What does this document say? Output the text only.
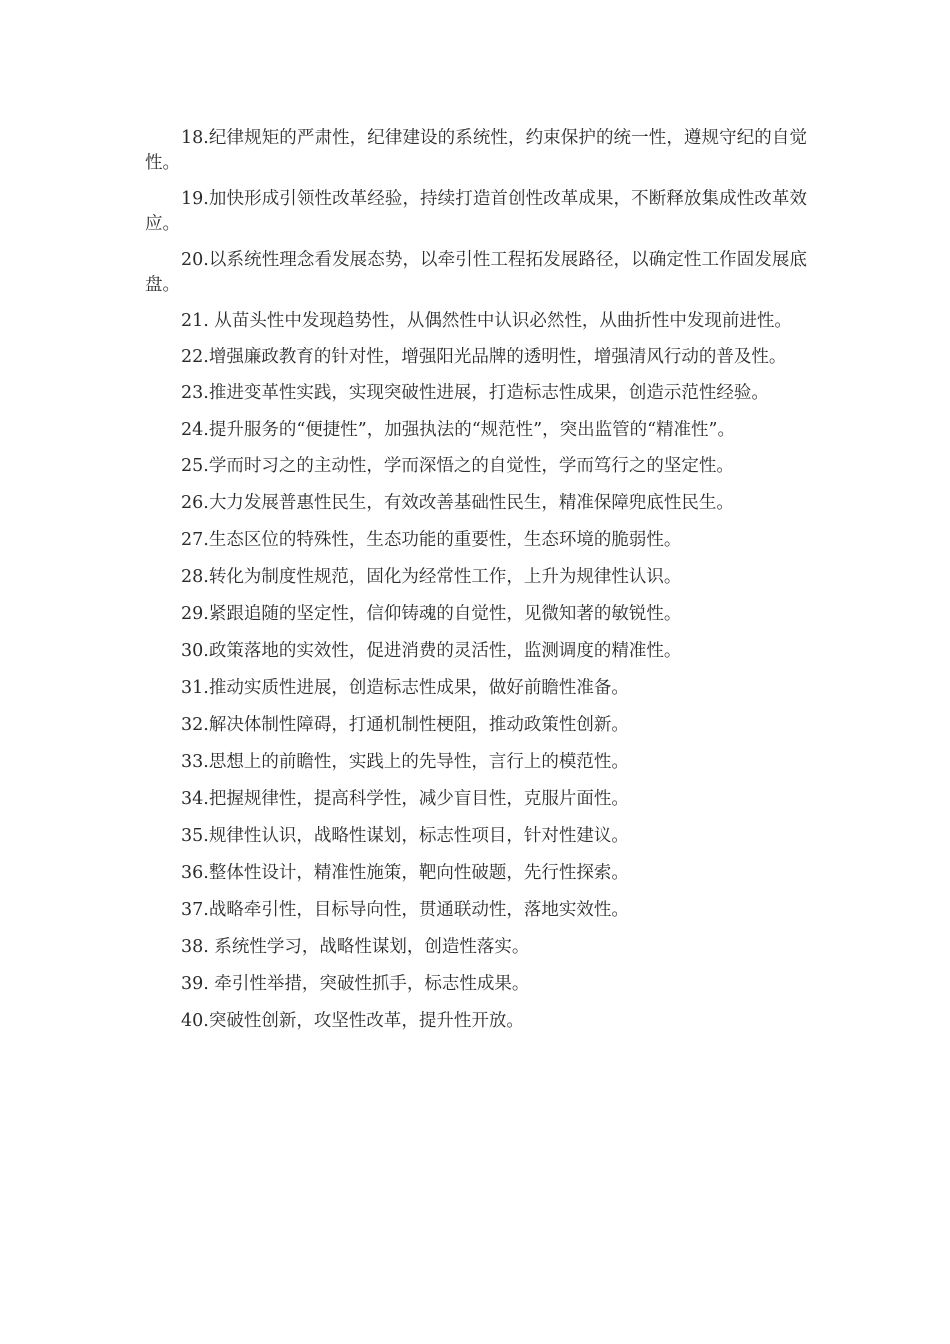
18.纪律规矩的严肃性，纪律建设的系统性，约束保护的统一性，遵规守纪的自觉性。

19.加快形成引领性改革经验，持续打造首创性改革成果，不断释放集成性改革效应。

20.以系统性理念看发展态势，以牵引性工程拓发展路径，以确定性工作固发展底盘。

21. 从苗头性中发现趋势性，从偶然性中认识必然性，从曲折性中发现前进性。

22.增强廉政教育的针对性，增强阳光品牌的透明性，增强清风行动的普及性。

23.推进变革性实践，实现突破性进展，打造标志性成果，创造示范性经验。

24.提升服务的“便捷性”，加强执法的“规范性”，突出监管的“精准性”。

25.学而时习之的主动性，学而深悟之的自觉性，学而笃行之的坚定性。

26.大力发展普惠性民生，有效改善基础性民生，精准保障兜底性民生。

27.生态区位的特殊性，生态功能的重要性，生态环境的脆弱性。

28.转化为制度性规范，固化为经常性工作，上升为规律性认识。

29.紧跟追随的坚定性，信仰铸魂的自觉性，见微知著的敏锐性。

30.政策落地的实效性，促进消费的灵活性，监测调度的精准性。

31.推动实质性进展，创造标志性成果，做好前瞻性准备。

32.解决体制性障碍，打通机制性梗阻，推动政策性创新。

33.思想上的前瞻性，实践上的先导性，言行上的模范性。

34.把握规律性，提高科学性，减少盲目性，克服片面性。

35.规律性认识，战略性谋划，标志性项目，针对性建议。

36.整体性设计，精准性施策，靶向性破题，先行性探索。

37.战略牵引性，目标导向性，贯通联动性，落地实效性。

38. 系统性学习，战略性谋划，创造性落实。

39. 牵引性举措，突破性抓手，标志性成果。

40.突破性创新，攻坚性改革，提升性开放。
